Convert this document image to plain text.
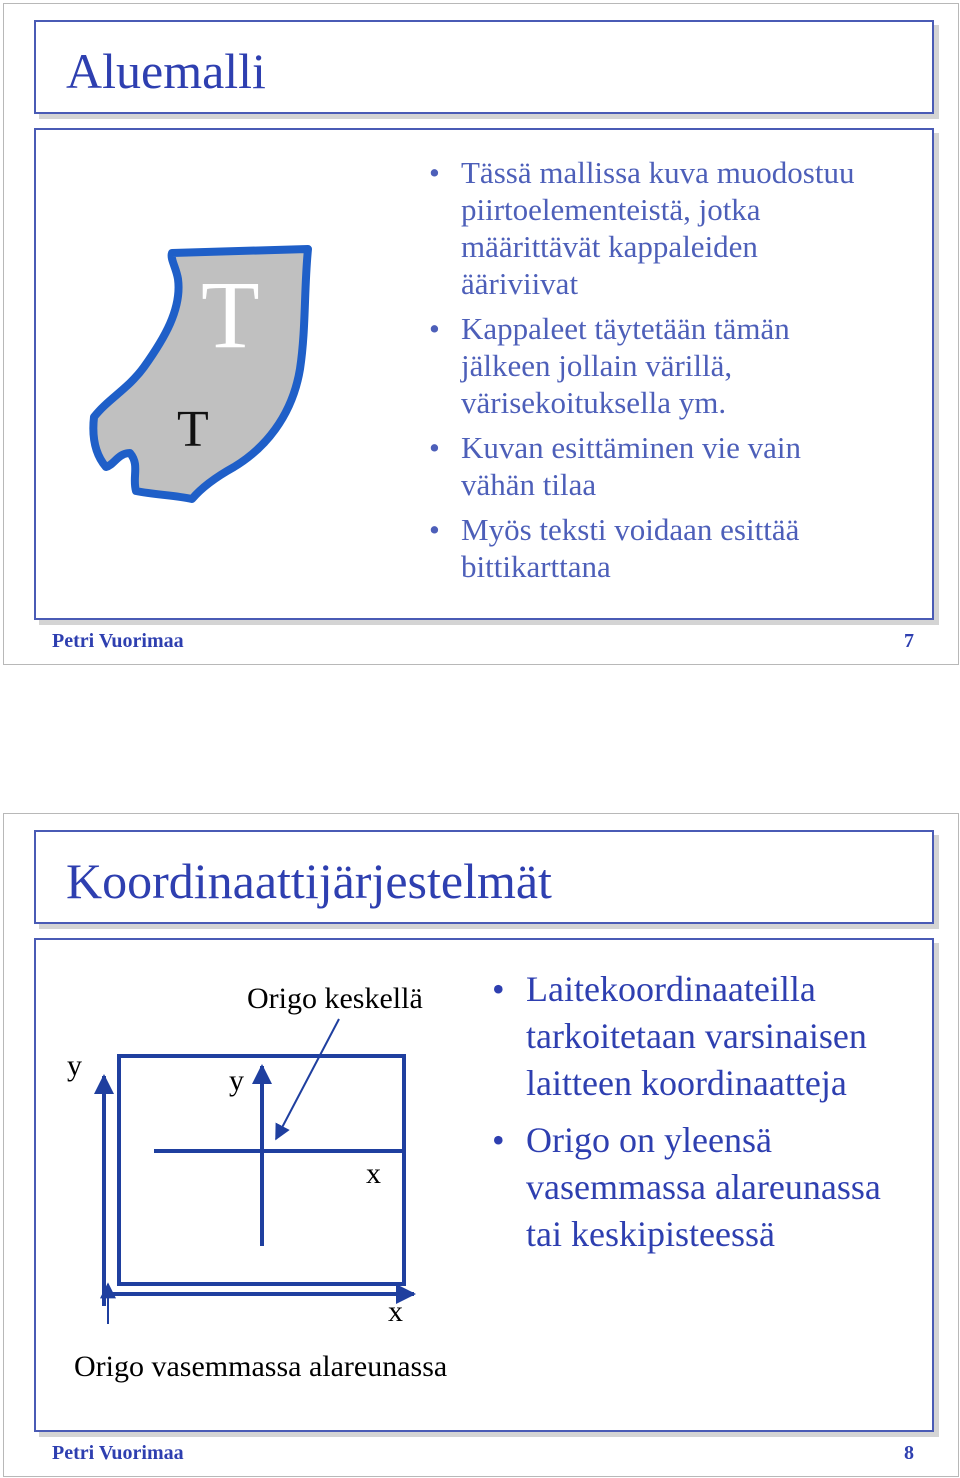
Aluemalli
T
T
• Tässä mallissa kuva muodostuu piirtoelementeistä, jotka määrittävät kappaleiden ääriviivat
• Kappaleet täytetään tämän jälkeen jollain värillä, värisekoituksella ym.
• Kuvan esittäminen vie vain vähän tilaa
• Myös teksti voidaan esittää bittikarttana
Petri Vuorimaa	7
Koordinaattijärjestelmät
Origo keskellä
y	y
x
x
Origo vasemmassa alareunassa
• Laitekoordinaateilla tarkoitetaan varsinaisen laitteen koordinaatteja
• Origo on yleensä vasemmassa alareunassa tai keskipisteessä
Petri Vuorimaa	8
